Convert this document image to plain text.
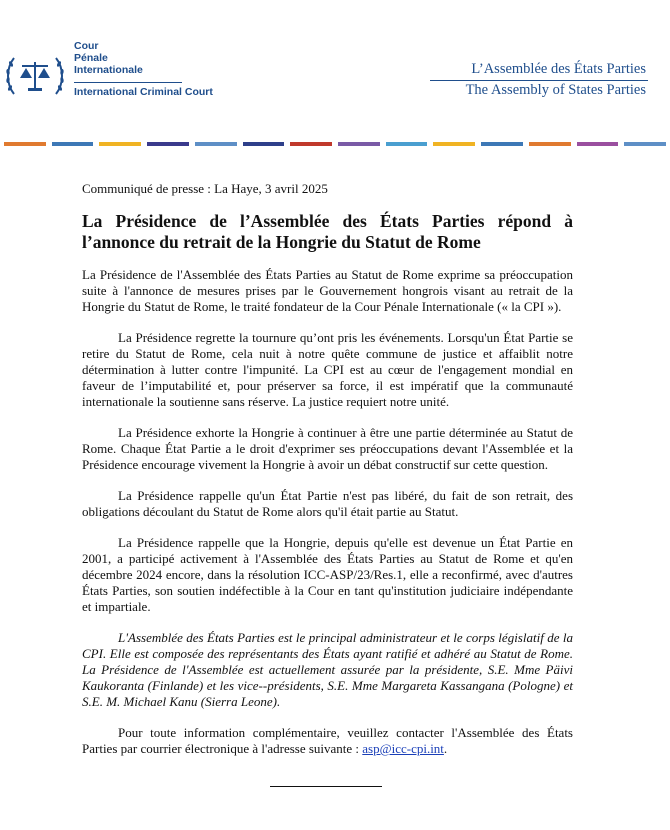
Cour
Pénale
Internationale
International Criminal Court
L’Assemblée des États Parties
The Assembly of States Parties
Communiqué de presse : La Haye, 3 avril 2025
La Présidence de l’Assemblée des États Parties répond à l’annonce du retrait de la Hongrie du Statut de Rome

La Présidence de l'Assemblée des États Parties au Statut de Rome exprime sa préoccupation suite à l'annonce de mesures prises par le Gouvernement hongrois visant au retrait de la Hongrie du Statut de Rome, le traité fondateur de la Cour Pénale Internationale (« la CPI »).

La Présidence regrette la tournure qu’ont pris les événements. Lorsqu'un État Partie se retire du Statut de Rome, cela nuit à notre quête commune de justice et affaiblit notre détermination à lutter contre l'impunité. La CPI est au cœur de l'engagement mondial en faveur de l’imputabilité et, pour préserver sa force, il est impératif que la communauté internationale la soutienne sans réserve. La justice requiert notre unité.

La Présidence exhorte la Hongrie à continuer à être une partie déterminée au Statut de Rome. Chaque État Partie a le droit d'exprimer ses préoccupations devant l'Assemblée et la Présidence encourage vivement la Hongrie à avoir un débat constructif sur cette question.

La Présidence rappelle qu'un État Partie n'est pas libéré, du fait de son retrait, des obligations découlant du Statut de Rome alors qu'il était partie au Statut.

La Présidence rappelle que la Hongrie, depuis qu'elle est devenue un État Partie en 2001, a participé activement à l'Assemblée des États Parties au Statut de Rome et qu'en décembre 2024 encore, dans la résolution ICC-ASP/23/Res.1, elle a reconfirmé, avec d'autres États Parties, son soutien indéfectible à la Cour en tant qu'institution judiciaire indépendante et impartiale.

L'Assemblée des États Parties est le principal administrateur et le corps législatif de la CPI. Elle est composée des représentants des États ayant ratifié et adhéré au Statut de Rome. La Présidence de l'Assemblée est actuellement assurée par la présidente, S.E. Mme Päivi Kaukoranta (Finlande) et les vice--présidents, S.E. Mme Margareta Kassangana (Pologne) et S.E. M. Michael Kanu (Sierra Leone).

Pour toute information complémentaire, veuillez contacter l'Assemblée des États Parties par courrier électronique à l'adresse suivante : asp@icc-cpi.int.
